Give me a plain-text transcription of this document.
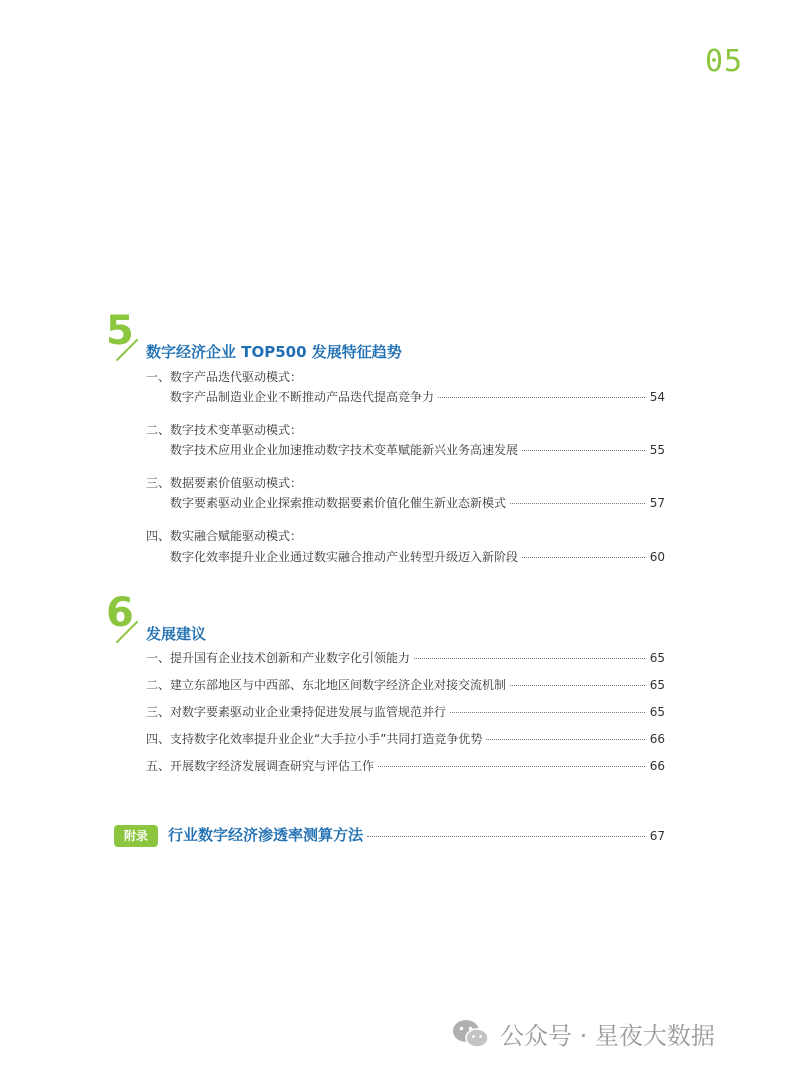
05
5 数字经济企业 TOP500 发展特征趋势
一、数字产品迭代驱动模式：
数字产品制造业企业不断推动产品迭代提高竞争力	54
二、数字技术变革驱动模式：
数字技术应用业企业加速推动数字技术变革赋能新兴业务高速发展	55
三、数据要素价值驱动模式：
数字要素驱动业企业探索推动数据要素价值化催生新业态新模式	57
四、数实融合赋能驱动模式：
数字化效率提升业企业通过数实融合推动产业转型升级迈入新阶段	60
6 发展建议
一、提升国有企业技术创新和产业数字化引领能力	65
二、建立东部地区与中西部、东北地区间数字经济企业对接交流机制	65
三、对数字要素驱动业企业秉持促进发展与监管规范并行	65
四、支持数字化效率提升业企业“大手拉小手”共同打造竞争优势	66
五、开展数字经济发展调查研究与评估工作	66
附录	行业数字经济渗透率测算方法	67
公众号 · 星夜大数据
